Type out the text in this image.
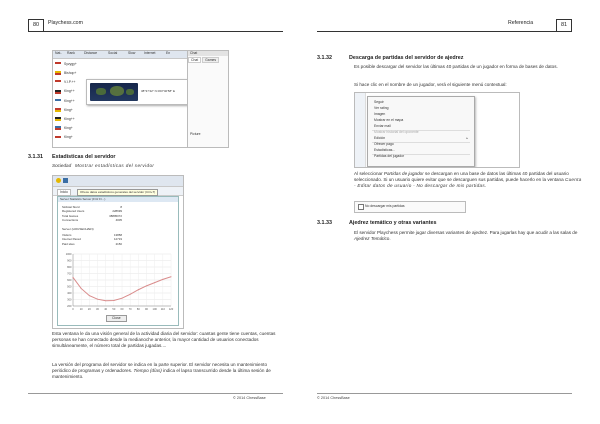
80	Playchess.com
Nat..	Rank	Distance	Social	Slow	Internet	En
Syzygy+
Bishop+
V.I.P.++
King++
King++
King+
King++
King+
King+
38°37'42" N 063°40'58" E
Chat
Chat	Games
Picture
3.1.31 Estadísticas del servidor
Sociedad Mostrar estadísticas del servidor
Inicio	Ofrece datos estadísticos generales del servidor (Ctrl+T)
Server Statistics Server (Frtz Fr...)
Sirdstat Sturd	8
Registered Users	228699
Total Games	38895072
Connections	4005
Server (HOUSECH/EN)
Visitors	13858
Internet Paced	12719
Paid sites	2150
1000
900
800
700
600
500
400
300
200
0 10 20 30 40 50 60 70 80 90 100 110 120
Close
Esta ventana le da una visión general de la actividad diaria del servidor: cuantas gente tiene cuentas, cuentas personas se han conectado desde la medianoche anterior, la mayor cantidad de usuarios conectados simultáneamente, el número total de partidas jugadas....
La versión del programa del servidor se indica en la parte superior. El servidor necesita un mantenimiento periódico de programas y ordenadores. Tiempo (días) indica el lapso transcurrido desde la última sesión de mantenimiento.
© 2014 ChessBase
Referencia	81
3.1.32	Descarga de partidas del servidor de ajedrez
Es posible descargar del servidor las últimas 40 partidas de un jugador en forma de bases de datos.
Si hace clic en el nombre de un jugador, verá el siguiente menú contextual:
Seguir
Ver rating
Imagen
Mostrar en el mapa
Enviar mail
Mostrar historial del oponente
Edición
Ofrecer pago
Estadísticas...
Partidas del jugador
▸
Al seleccionar Partidas de jugador se descargan en una base de datos las últimas 40 partidas del usuario seleccionado. Si un usuario quiere evitar que se descarguen sus partidas, puede hacerlo en la ventana Cuenta - Editar datos de usuario - No descargar de mis partidas.
No descargar mis partidas
3.1.33	Ajedrez temático y otras variantes
El servidor Playchess permite jugar diversas variantes de ajedrez. Para jugarlas hay que acudir a las salas de Ajedrez Temático.
© 2014 ChessBase
